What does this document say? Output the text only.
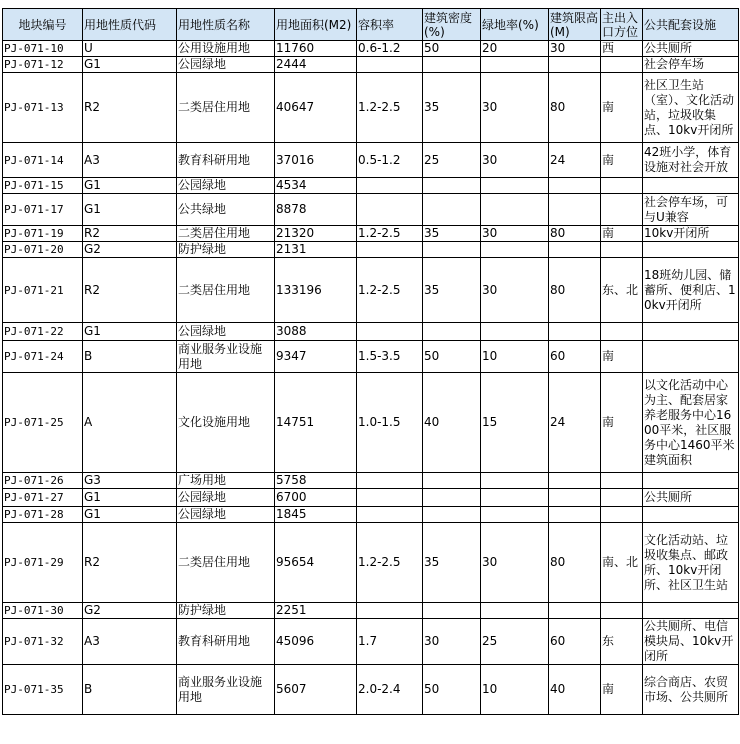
地块编号	用地性质代码	用地性质名称	用地面积(M2)	容积率	建筑密度(%)	绿地率(%)	建筑限高(M)	主出入口方位	公共配套设施
PJ-071-10	U	公用设施用地	11760	0.6-1.2	50	20	30	西	公共厕所
PJ-071-12	G1	公园绿地	2444						社会停车场
PJ-071-13	R2	二类居住用地	40647	1.2-2.5	35	30	80	南	社区卫生站（室）、文化活动站，垃圾收集点、10kv开闭所
PJ-071-14	A3	教育科研用地	37016	0.5-1.2	25	30	24	南	42班小学，体育设施对社会开放
PJ-071-15	G1	公园绿地	4534						
PJ-071-17	G1	公共绿地	8878						社会停车场，可与U兼容
PJ-071-19	R2	二类居住用地	21320	1.2-2.5	35	30	80	南	10kv开闭所
PJ-071-20	G2	防护绿地	2131						
PJ-071-21	R2	二类居住用地	133196	1.2-2.5	35	30	80	东、北	18班幼儿园、储蓄所、便利店、10kv开闭所
PJ-071-22	G1	公园绿地	3088						
PJ-071-24	B	商业服务业设施用地	9347	1.5-3.5	50	10	60	南	
PJ-071-25	A	文化设施用地	14751	1.0-1.5	40	15	24	南	以文化活动中心为主、配套居家养老服务中心1600平米，社区服务中心1460平米建筑面积
PJ-071-26	G3	广场用地	5758						
PJ-071-27	G1	公园绿地	6700						公共厕所
PJ-071-28	G1	公园绿地	1845						
PJ-071-29	R2	二类居住用地	95654	1.2-2.5	35	30	80	南、北	文化活动站、垃圾收集点、邮政所、10kv开闭所、社区卫生站
PJ-071-30	G2	防护绿地	2251						
PJ-071-32	A3	教育科研用地	45096	1.7	30	25	60	东	公共厕所、电信模块局、10kv开闭所
PJ-071-35	B	商业服务业设施用地	5607	2.0-2.4	50	10	40	南	综合商店、农贸市场、公共厕所
